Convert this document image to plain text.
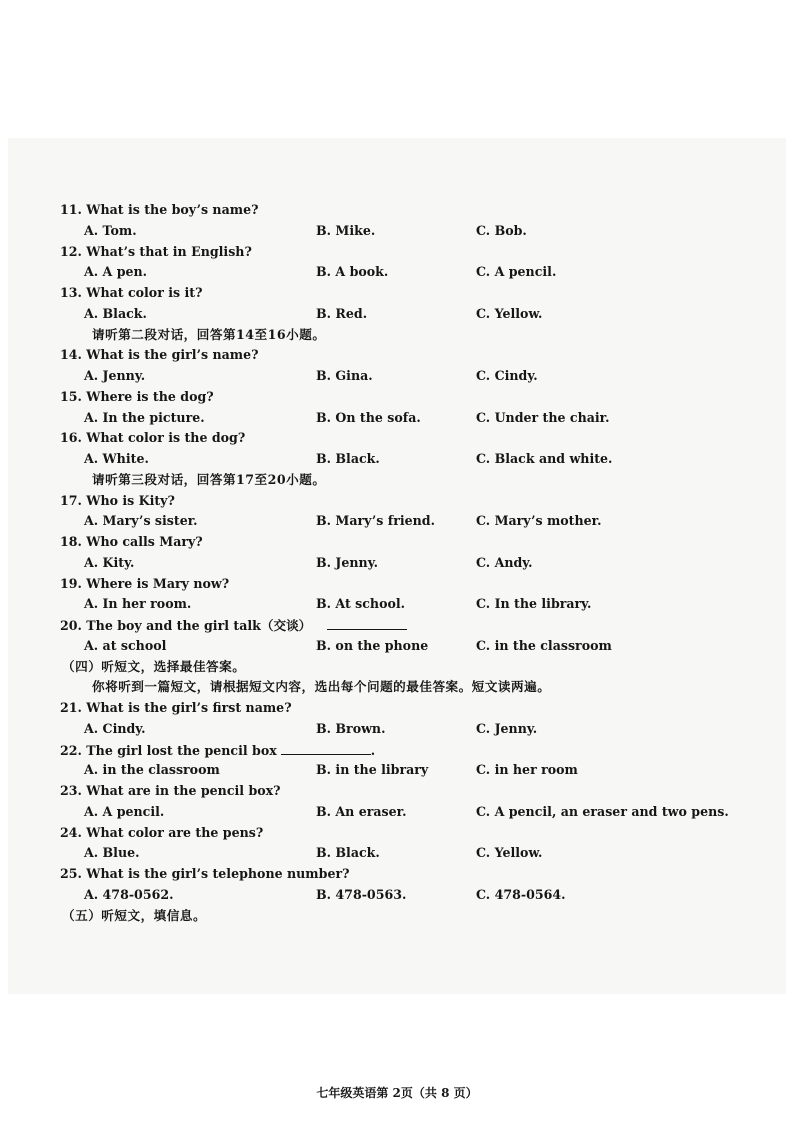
11. What is the boy’s name?
A. Tom.	B. Mike.	C. Bob.
12. What’s that in English?
A. A pen.	B. A book.	C. A pencil.
13. What color is it?
A. Black.	B. Red.	C. Yellow.
请听第二段对话，回答第14至16小题。
14. What is the girl’s name?
A. Jenny.	B. Gina.	C. Cindy.
15. Where is the dog?
A. In the picture.	B. On the sofa.	C. Under the chair.
16. What color is the dog?
A. White.	B. Black.	C. Black and white.
请听第三段对话，回答第17至20小题。
17. Who is Kity?
A. Mary’s sister.	B. Mary’s friend.	C. Mary’s mother.
18. Who calls Mary?
A. Kity.	B. Jenny.	C. Andy.
19. Where is Mary now?
A. In her room.	B. At school.	C. In the library.
20. The boy and the girl talk（交谈）
A. at school	B. on the phone	C. in the classroom
（四）听短文，选择最佳答案。
你将听到一篇短文，请根据短文内容，选出每个问题的最佳答案。短文读两遍。
21. What is the girl’s first name?
A. Cindy.	B. Brown.	C. Jenny.
22. The girl lost the pencil box	.
A. in the classroom	B. in the library	C. in her room
23. What are in the pencil box?
A. A pencil.	B. An eraser.	C. A pencil, an eraser and two pens.
24. What color are the pens?
A. Blue.	B. Black.	C. Yellow.
25. What is the girl’s telephone number?
A. 478-0562.	B. 478-0563.	C. 478-0564.
（五）听短文，填信息。
七年级英语第 2页（共 8 页）
